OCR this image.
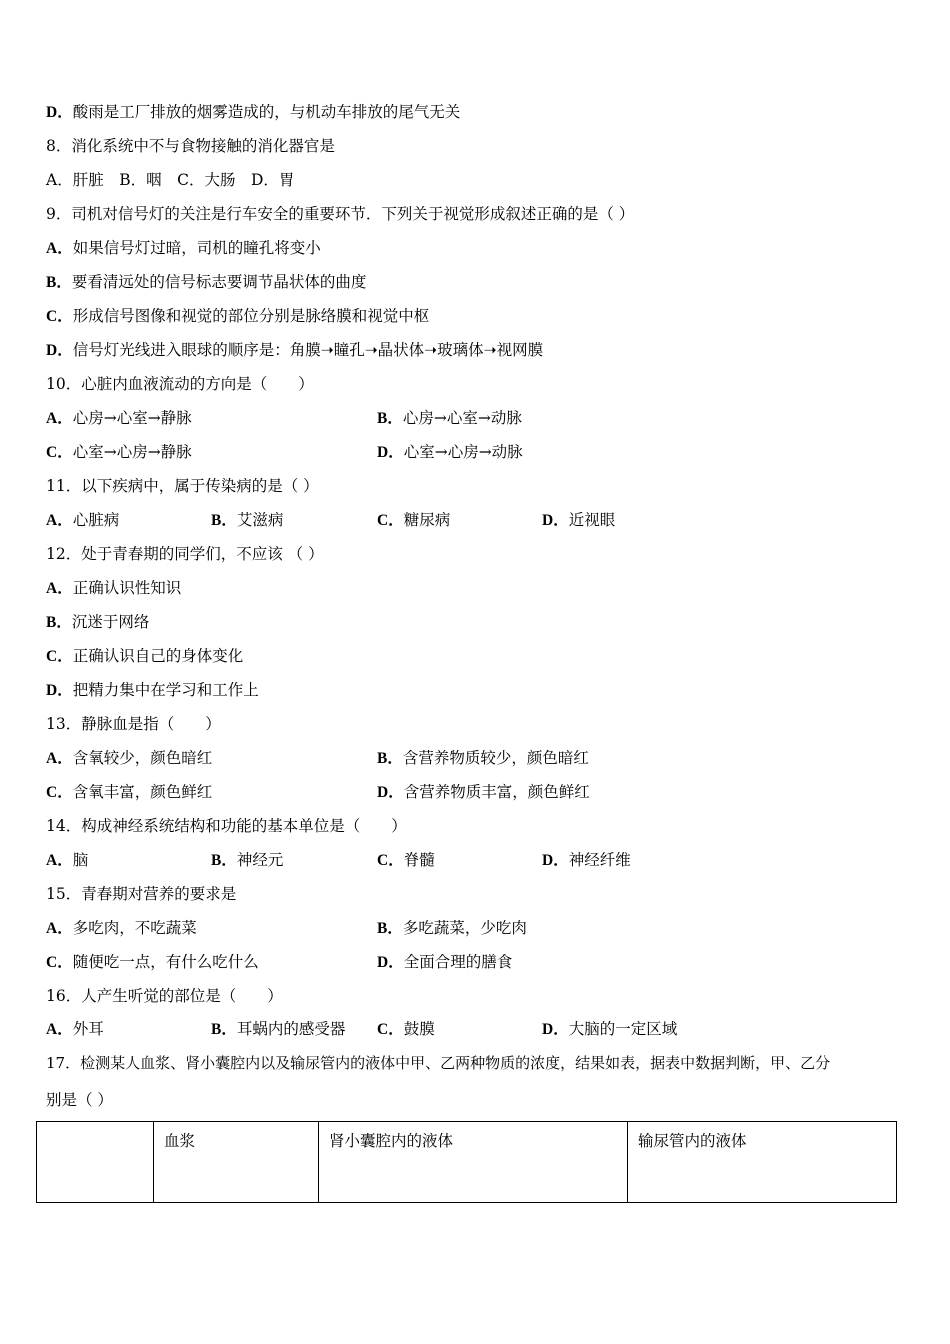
D．酸雨是工厂排放的烟雾造成的，与机动车排放的尾气无关
8．消化系统中不与食物接触的消化器官是
A．肝脏　B．咽　C．大肠　D．胃
9．司机对信号灯的关注是行车安全的重要环节．下列关于视觉形成叙述正确的是（ ）
A．如果信号灯过暗，司机的瞳孔将变小
B．要看清远处的信号标志要调节晶状体的曲度
C．形成信号图像和视觉的部位分别是脉络膜和视觉中枢
D．信号灯光线进入眼球的顺序是：角膜➝瞳孔➝晶状体➝玻璃体➝视网膜
10．心脏内血液流动的方向是（　　）
A．心房→心室→静脉	B．心房→心室→动脉
C．心室→心房→静脉	D．心室→心房→动脉
11．以下疾病中，属于传染病的是（ ）
A．心脏病	B．艾滋病	C．糖尿病	D．近视眼
12．处于青春期的同学们，不应该 （ ）
A．正确认识性知识
B．沉迷于网络
C．正确认识自己的身体变化
D．把精力集中在学习和工作上
13．静脉血是指（　　）
A．含氧较少，颜色暗红	B．含营养物质较少，颜色暗红
C．含氧丰富，颜色鲜红	D．含营养物质丰富，颜色鲜红
14．构成神经系统结构和功能的基本单位是（　　）
A．脑	B．神经元	C．脊髓	D．神经纤维
15．青春期对营养的要求是
A．多吃肉，不吃蔬菜	B．多吃蔬菜，少吃肉
C．随便吃一点，有什么吃什么	D．全面合理的膳食
16．人产生听觉的部位是（　　）
A．外耳	B．耳蜗内的感受器 C．鼓膜	D．大脑的一定区域
17．检测某人血浆、肾小囊腔内以及输尿管内的液体中甲、乙两种物质的浓度，结果如表，据表中数据判断，甲、乙分
别是（ ）
	血浆	肾小囊腔内的液体	输尿管内的液体
